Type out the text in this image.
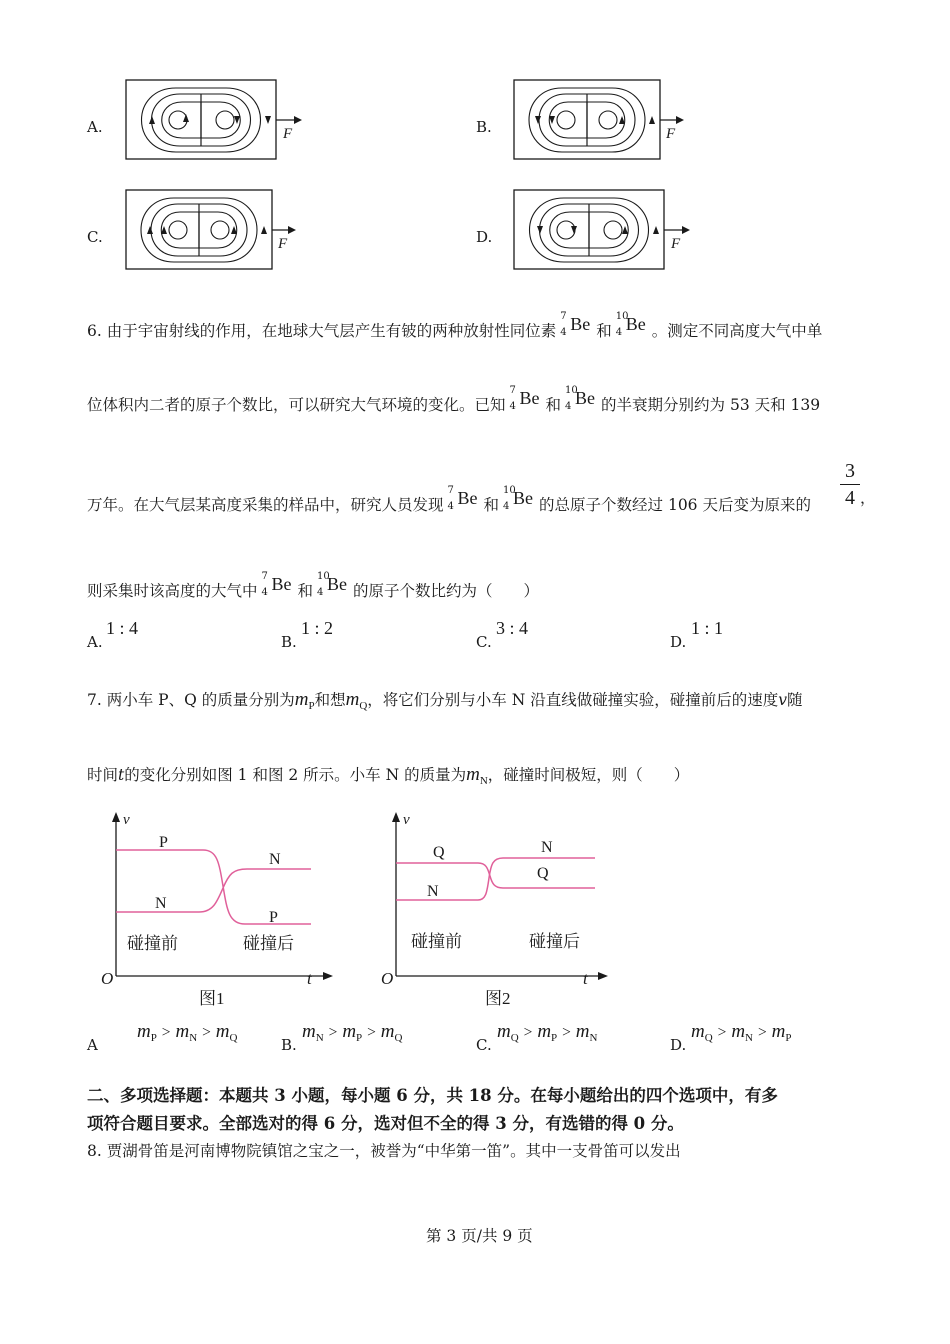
A.	B.
C.	D.
F	F
F	F
6. 由于宇宙射线的作用，在地球大气层产生有铍的两种放射性同位素
7
4 Be 和
10
4 Be 。测定不同高度大气中单
位体积内二者的原子个数比，可以研究大气环境的变化。已知
7
4 Be 和
10
4 Be 的半衰期分别约为 53 天和 139
万年。在大气层某高度采集的样品中，研究人员发现
7
4 Be 和
10
4 Be 的总原子个数经过 106 天后变为原来的
3
4 ，
则采集时该高度的大气中
7
4 Be 和
10
4 Be 的原子个数比约为（　　）
A.
1 : 4
B.
1 : 2
C.
3 : 4
D.
1 : 1
7. 两小车 P、Q 的质量分别为$m_P$和想$m_Q$，将它们分别与小车 N 沿直线做碰撞实验，碰撞前后的速度v随
时间t的变化分别如图 1 和图 2 所示。小车 N 的质量为$m_N$，碰撞时间极短，则（　　）
v
t
O
P
N
N
P
碰撞前	碰撞后
图1
v
t
O
Q
N
N
Q
碰撞前	碰撞后
图2
A
$m_P > m_N > m_Q$	B.
$m_N > m_P > m_Q$	C.
$m_Q > m_P > m_N$	D.
$m_Q > m_N > m_P$
二、多项选择题：本题共 3 小题，每小题 6 分，共 18 分。在每小题给出的四个选项中，有多
项符合题目要求。全部选对的得 6 分，选对但不全的得 3 分，有选错的得 0 分。
8. 贾湖骨笛是河南博物院镇馆之宝之一，被誉为“中华第一笛”。其中一支骨笛可以发出
第 3 页/共 9 页
